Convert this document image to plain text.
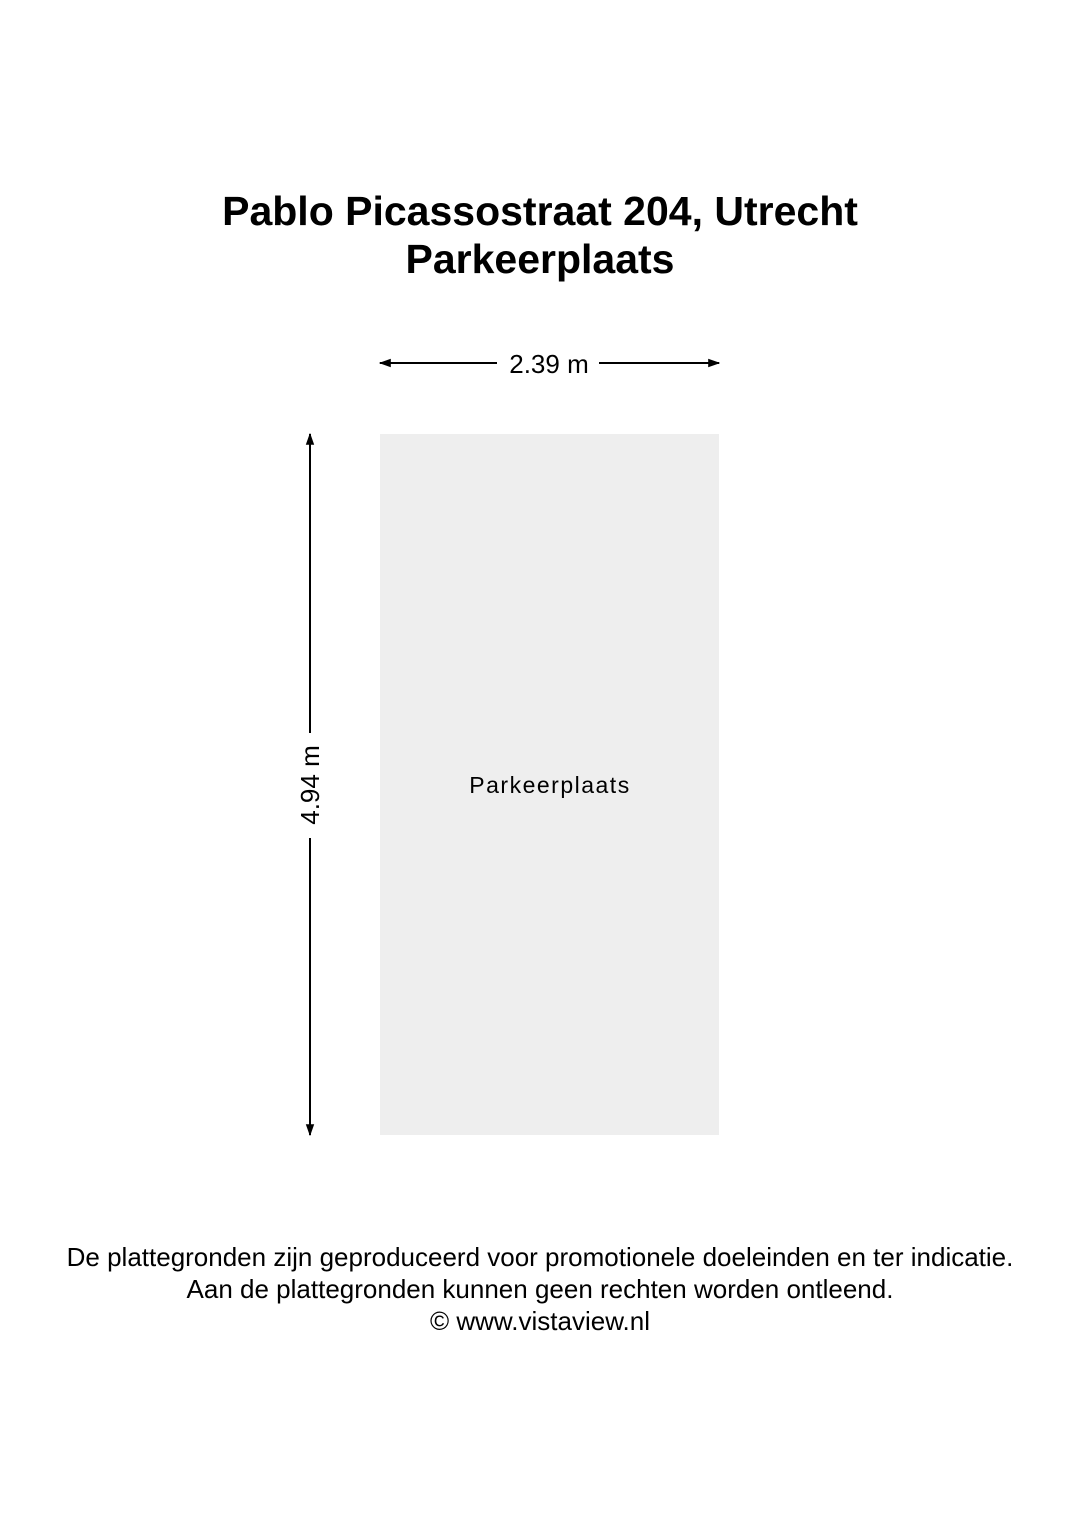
Pablo Picassostraat 204, Utrecht
Parkeerplaats
Parkeerplaats
2.39 m
4.94 m

De plattegronden zijn geproduceerd voor promotionele doeleinden en ter indicatie.

Aan de plattegronden kunnen geen rechten worden ontleend.

© www.vistaview.nl
